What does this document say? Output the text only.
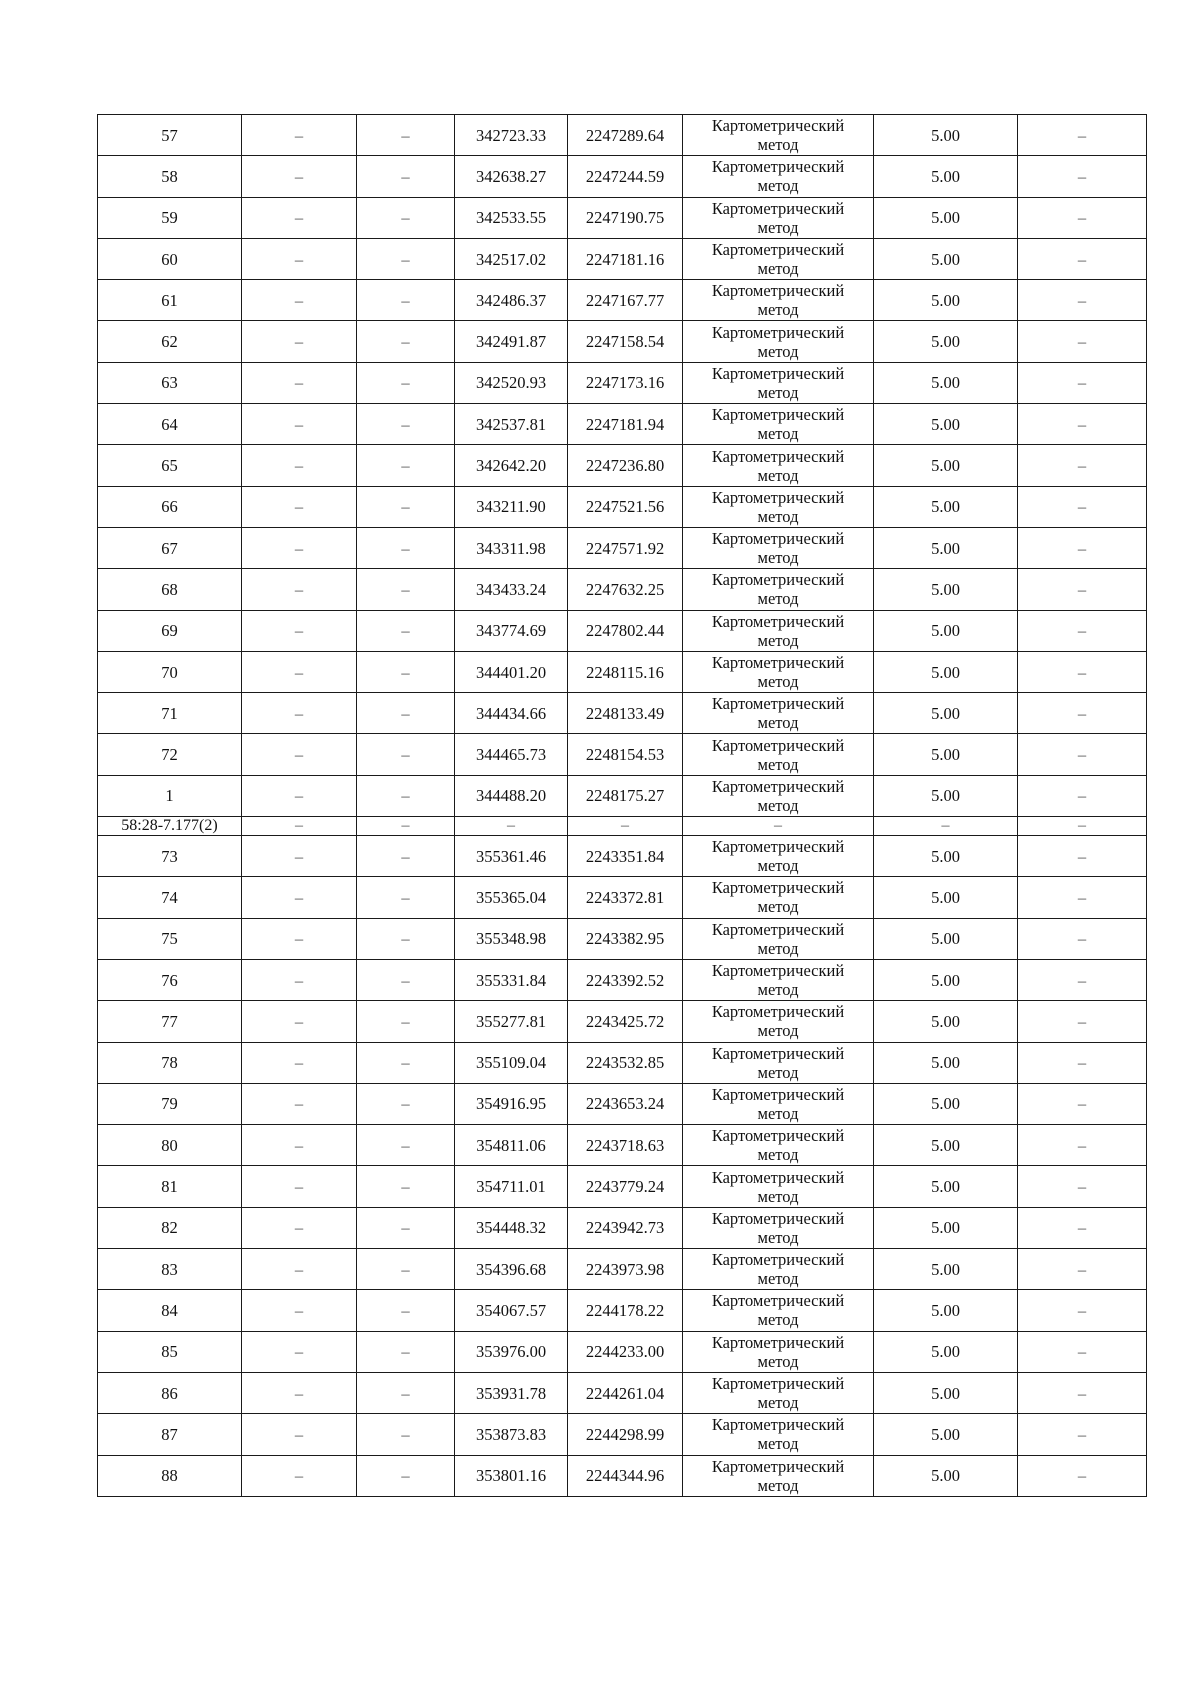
57	–	–	342723.33	2247289.64	Картометрический
метод	5.00	–
58	–	–	342638.27	2247244.59	Картометрический
метод	5.00	–
59	–	–	342533.55	2247190.75	Картометрический
метод	5.00	–
60	–	–	342517.02	2247181.16	Картометрический
метод	5.00	–
61	–	–	342486.37	2247167.77	Картометрический
метод	5.00	–
62	–	–	342491.87	2247158.54	Картометрический
метод	5.00	–
63	–	–	342520.93	2247173.16	Картометрический
метод	5.00	–
64	–	–	342537.81	2247181.94	Картометрический
метод	5.00	–
65	–	–	342642.20	2247236.80	Картометрический
метод	5.00	–
66	–	–	343211.90	2247521.56	Картометрический
метод	5.00	–
67	–	–	343311.98	2247571.92	Картометрический
метод	5.00	–
68	–	–	343433.24	2247632.25	Картометрический
метод	5.00	–
69	–	–	343774.69	2247802.44	Картометрический
метод	5.00	–
70	–	–	344401.20	2248115.16	Картометрический
метод	5.00	–
71	–	–	344434.66	2248133.49	Картометрический
метод	5.00	–
72	–	–	344465.73	2248154.53	Картометрический
метод	5.00	–
1	–	–	344488.20	2248175.27	Картометрический
метод	5.00	–
58:28-7.177(2)	–	–	–	–	–	–	–
73	–	–	355361.46	2243351.84	Картометрический
метод	5.00	–
74	–	–	355365.04	2243372.81	Картометрический
метод	5.00	–
75	–	–	355348.98	2243382.95	Картометрический
метод	5.00	–
76	–	–	355331.84	2243392.52	Картометрический
метод	5.00	–
77	–	–	355277.81	2243425.72	Картометрический
метод	5.00	–
78	–	–	355109.04	2243532.85	Картометрический
метод	5.00	–
79	–	–	354916.95	2243653.24	Картометрический
метод	5.00	–
80	–	–	354811.06	2243718.63	Картометрический
метод	5.00	–
81	–	–	354711.01	2243779.24	Картометрический
метод	5.00	–
82	–	–	354448.32	2243942.73	Картометрический
метод	5.00	–
83	–	–	354396.68	2243973.98	Картометрический
метод	5.00	–
84	–	–	354067.57	2244178.22	Картометрический
метод	5.00	–
85	–	–	353976.00	2244233.00	Картометрический
метод	5.00	–
86	–	–	353931.78	2244261.04	Картометрический
метод	5.00	–
87	–	–	353873.83	2244298.99	Картометрический
метод	5.00	–
88	–	–	353801.16	2244344.96	Картометрический
метод	5.00	–
